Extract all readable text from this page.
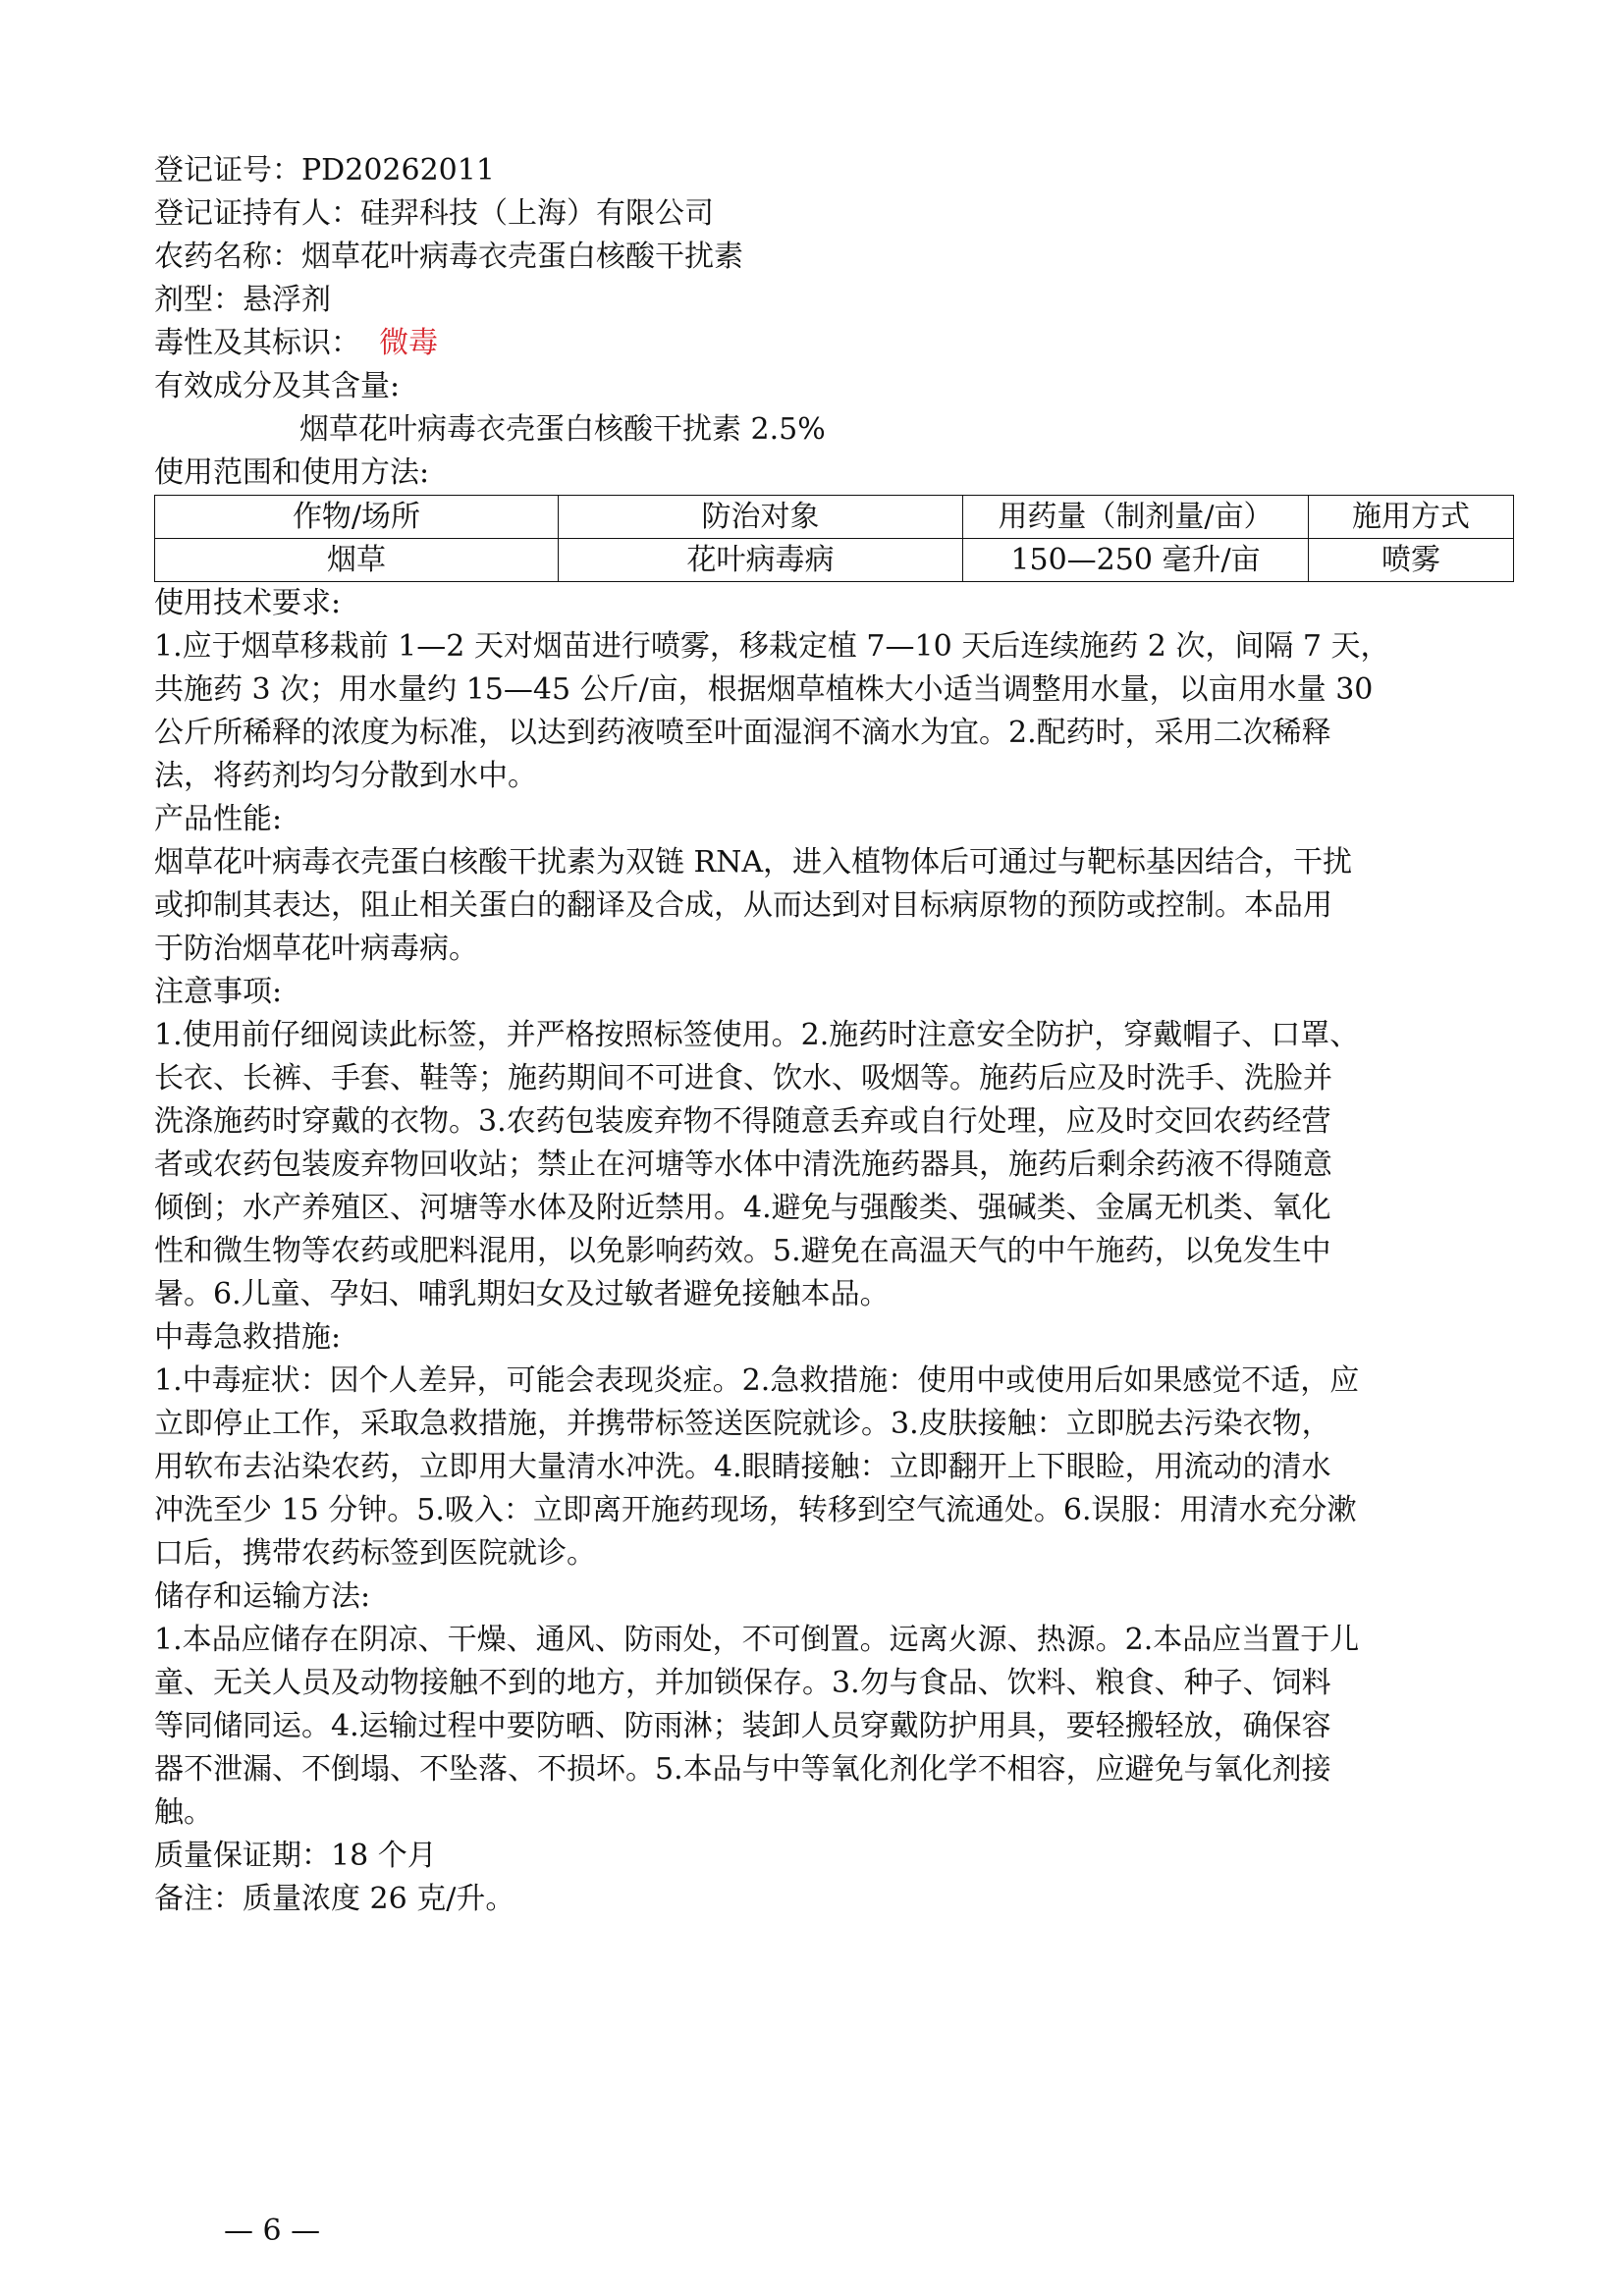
登记证号：PD20262011
登记证持有人：硅羿科技（上海）有限公司
农药名称：烟草花叶病毒衣壳蛋白核酸干扰素
剂型：悬浮剂
毒性及其标识： 微毒
有效成分及其含量:
烟草花叶病毒衣壳蛋白核酸干扰素 2.5%
使用范围和使用方法:
作物/场所	防治对象	用药量（制剂量/亩）	施用方式
烟草	花叶病毒病	150—250 毫升/亩	喷雾
使用技术要求:
1.应于烟草移栽前 1—2 天对烟苗进行喷雾，移栽定植 7—10 天后连续施药 2 次，间隔 7 天，
共施药 3 次；用水量约 15—45 公斤/亩，根据烟草植株大小适当调整用水量，以亩用水量 30
公斤所稀释的浓度为标准，以达到药液喷至叶面湿润不滴水为宜。2.配药时，采用二次稀释
法，将药剂均匀分散到水中。
产品性能:
烟草花叶病毒衣壳蛋白核酸干扰素为双链 RNA，进入植物体后可通过与靶标基因结合，干扰
或抑制其表达，阻止相关蛋白的翻译及合成，从而达到对目标病原物的预防或控制。本品用
于防治烟草花叶病毒病。
注意事项:
1.使用前仔细阅读此标签，并严格按照标签使用。2.施药时注意安全防护，穿戴帽子、口罩、
长衣、长裤、手套、鞋等；施药期间不可进食、饮水、吸烟等。施药后应及时洗手、洗脸并
洗涤施药时穿戴的衣物。3.农药包装废弃物不得随意丢弃或自行处理，应及时交回农药经营
者或农药包装废弃物回收站；禁止在河塘等水体中清洗施药器具，施药后剩余药液不得随意
倾倒；水产养殖区、河塘等水体及附近禁用。4.避免与强酸类、强碱类、金属无机类、氧化
性和微生物等农药或肥料混用，以免影响药效。5.避免在高温天气的中午施药，以免发生中
暑。6.儿童、孕妇、哺乳期妇女及过敏者避免接触本品。
中毒急救措施:
1.中毒症状：因个人差异，可能会表现炎症。2.急救措施：使用中或使用后如果感觉不适，应
立即停止工作，采取急救措施，并携带标签送医院就诊。3.皮肤接触：立即脱去污染衣物，
用软布去沾染农药，立即用大量清水冲洗。4.眼睛接触：立即翻开上下眼睑，用流动的清水
冲洗至少 15 分钟。5.吸入：立即离开施药现场，转移到空气流通处。6.误服：用清水充分漱
口后，携带农药标签到医院就诊。
储存和运输方法:
1.本品应储存在阴凉、干燥、通风、防雨处，不可倒置。远离火源、热源。2.本品应当置于儿
童、无关人员及动物接触不到的地方，并加锁保存。3.勿与食品、饮料、粮食、种子、饲料
等同储同运。4.运输过程中要防晒、防雨淋；装卸人员穿戴防护用具，要轻搬轻放，确保容
器不泄漏、不倒塌、不坠落、不损坏。5.本品与中等氧化剂化学不相容，应避免与氧化剂接
触。
质量保证期：18 个月
备注：质量浓度 26 克/升。
— 6 —
